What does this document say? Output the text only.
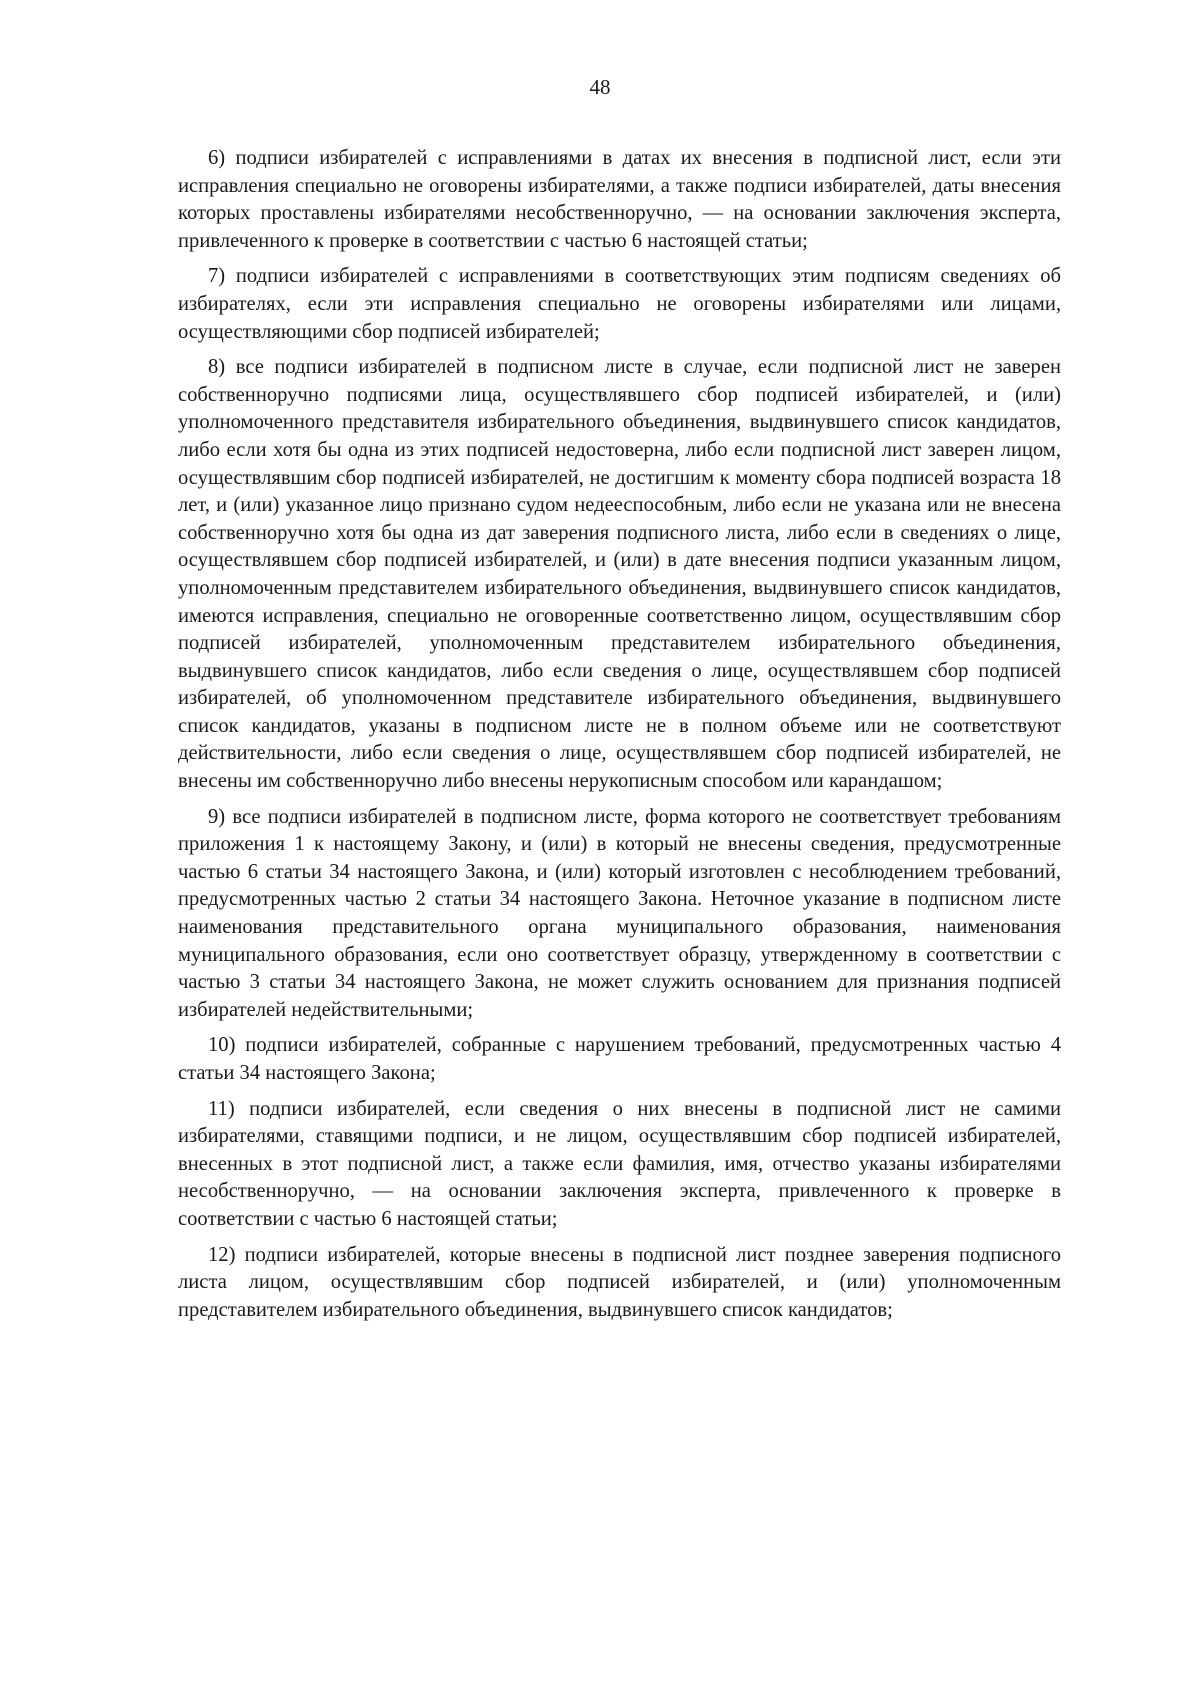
48

6) подписи избирателей с исправлениями в датах их внесения в подписной лист, если эти исправления специально не оговорены избирателями, а также подписи избирателей, даты внесения которых проставлены избирателями несобственноручно, — на основании заключения эксперта, привлеченного к проверке в соответствии с частью 6 настоящей статьи;

7) подписи избирателей с исправлениями в соответствующих этим подписям сведениях об избирателях, если эти исправления специально не оговорены избирателями или лицами, осуществляющими сбор подписей избирателей;

8) все подписи избирателей в подписном листе в случае, если подписной лист не заверен собственноручно подписями лица, осуществлявшего сбор подписей избирателей, и (или) уполномоченного представителя избирательного объединения, выдвинувшего список кандидатов, либо если хотя бы одна из этих подписей недостоверна, либо если подписной лист заверен лицом, осуществлявшим сбор подписей избирателей, не достигшим к моменту сбора подписей возраста 18 лет, и (или) указанное лицо признано судом недееспособным, либо если не указана или не внесена собственноручно хотя бы одна из дат заверения подписного листа, либо если в сведениях о лице, осуществлявшем сбор подписей избирателей, и (или) в дате внесения подписи указанным лицом, уполномоченным представителем избирательного объединения, выдвинувшего список кандидатов, имеются исправления, специально не оговоренные соответственно лицом, осуществлявшим сбор подписей избирателей, уполномоченным представителем избирательного объединения, выдвинувшего список кандидатов, либо если сведения о лице, осуществлявшем сбор подписей избирателей, об уполномоченном представителе избирательного объединения, выдвинувшего список кандидатов, указаны в подписном листе не в полном объеме или не соответствуют действительности, либо если сведения о лице, осуществлявшем сбор подписей избирателей, не внесены им собственноручно либо внесены нерукописным способом или карандашом;

9) все подписи избирателей в подписном листе, форма которого не соответствует требованиям приложения 1 к настоящему Закону, и (или) в который не внесены сведения, предусмотренные частью 6 статьи 34 настоящего Закона, и (или) который изготовлен с несоблюдением требований, предусмотренных частью 2 статьи 34 настоящего Закона. Неточное указание в подписном листе наименования представительного органа муниципального образования, наименования муниципального образования, если оно соответствует образцу, утвержденному в соответствии с частью 3 статьи 34 настоящего Закона, не может служить основанием для признания подписей избирателей недействительными;

10) подписи избирателей, собранные с нарушением требований, предусмотренных частью 4 статьи 34 настоящего Закона;

11) подписи избирателей, если сведения о них внесены в подписной лист не самими избирателями, ставящими подписи, и не лицом, осуществлявшим сбор подписей избирателей, внесенных в этот подписной лист, а также если фамилия, имя, отчество указаны избирателями несобственноручно, — на основании заключения эксперта, привлеченного к проверке в соответствии с частью 6 настоящей статьи;

12) подписи избирателей, которые внесены в подписной лист позднее заверения подписного листа лицом, осуществлявшим сбор подписей избирателей, и (или) уполномоченным представителем избирательного объединения, выдвинувшего список кандидатов;
